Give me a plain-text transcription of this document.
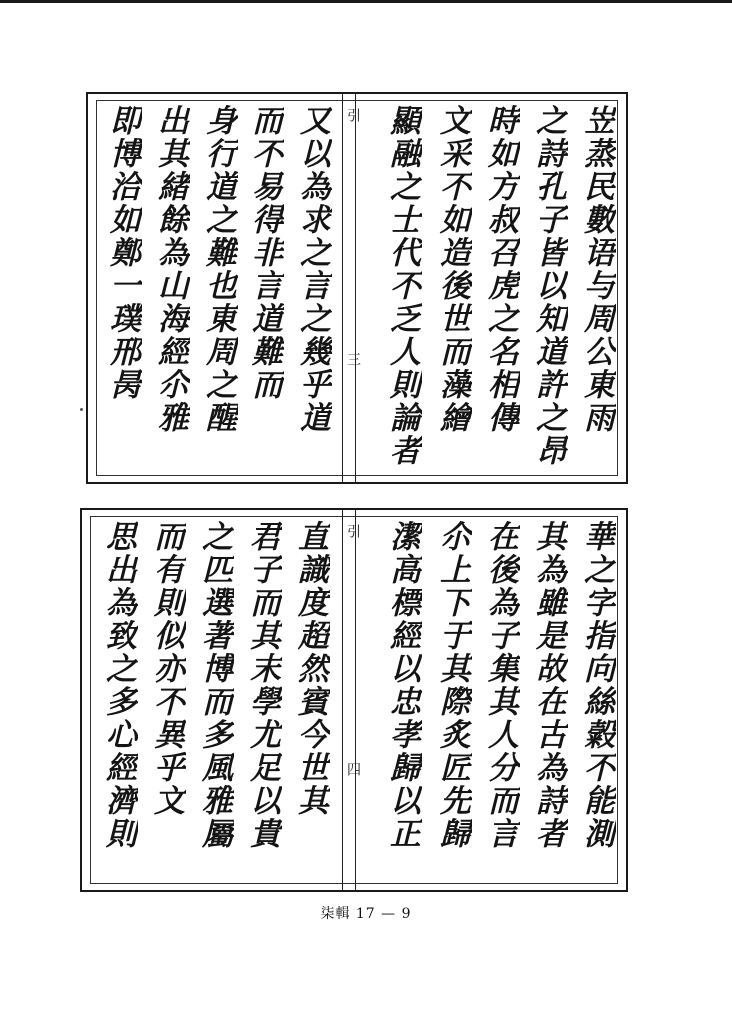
引
三	岦蒸民數语与周公東雨
之詩孔子皆以知道許之昂
時如方叔召虎之名相傳
文采不如造後世而藻繪
顯融之士代不乏人則論者
又以為求之言之幾乎道
而不易得非言道難而
身行道之難也東周之醒
出其緒餘為山海經尒雅
即博洽如鄭一璞邢昺
引
四	華之字指向絲糓不能測
其為雖是故在古為詩者
在後為子集其人分而言
尒上下于其際炙匠先歸
潔高標經以忠孝歸以正
直識度超然賓今世其
君子而其末學尤足以貴
之匹選著博而多風雅屬
而有則似亦不異乎文
思出為致之多心經濟則
柒輯 17 — 9
